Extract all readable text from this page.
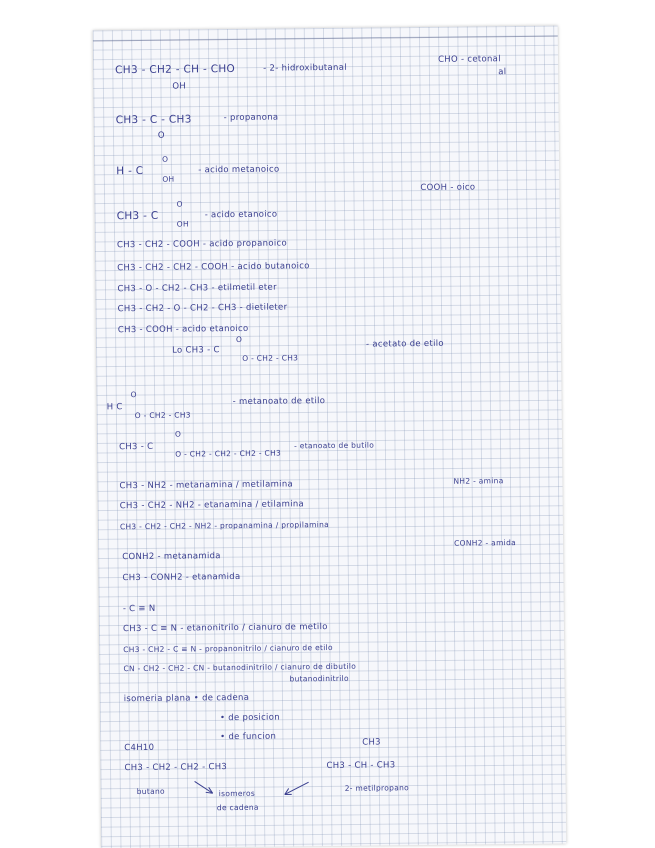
CH3 - CH2 - CH - CHO
OH
- 2- hidroxibutanal
CHO - cetonal
al
CH3 - C - CH3
O
- propanona
H - C
O
OH
- acido metanoico
COOH - oico
CH3 - C
O
OH
- acido etanoico
CH3 - CH2 - COOH - acido propanoico
CH3 - CH2 - CH2 - COOH - acido butanoico
CH3 - O - CH2 - CH3 - etilmetil eter
CH3 - CH2 - O - CH2 - CH3 - dietileter
CH3 - COOH - acido etanoico
Lo CH3 - C
O
O - CH2 - CH3
- acetato de etilo
H C
O
O - CH2 - CH3
- metanoato de etilo
CH3 - C
O
O - CH2 - CH2 - CH2 - CH3
- etanoato de butilo
CH3 - NH2 - metanamina / metilamina	NH2 - amina
CH3 - CH2 - NH2 - etanamina / etilamina
CH3 - CH2 - CH2 - NH2 - propanamina / propilamina
CONH2 - metanamida
CONH2 - amida
CH3 - CONH2 - etanamida
- C ≡ N
CH3 - C ≡ N - etanonitrilo / cianuro de metilo
CH3 - CH2 - C ≡ N - propanonitrilo / cianuro de etilo
CN - CH2 - CH2 - CN - butanodinitrilo / cianuro de dibutilo
butanodinitrilo
isomeria plana • de cadena
• de posicion
• de funcion
C4H10
CH3 - CH2 - CH2 - CH3
CH3
CH3 - CH - CH3
butano	isomeros
de cadena
2- metilpropano
